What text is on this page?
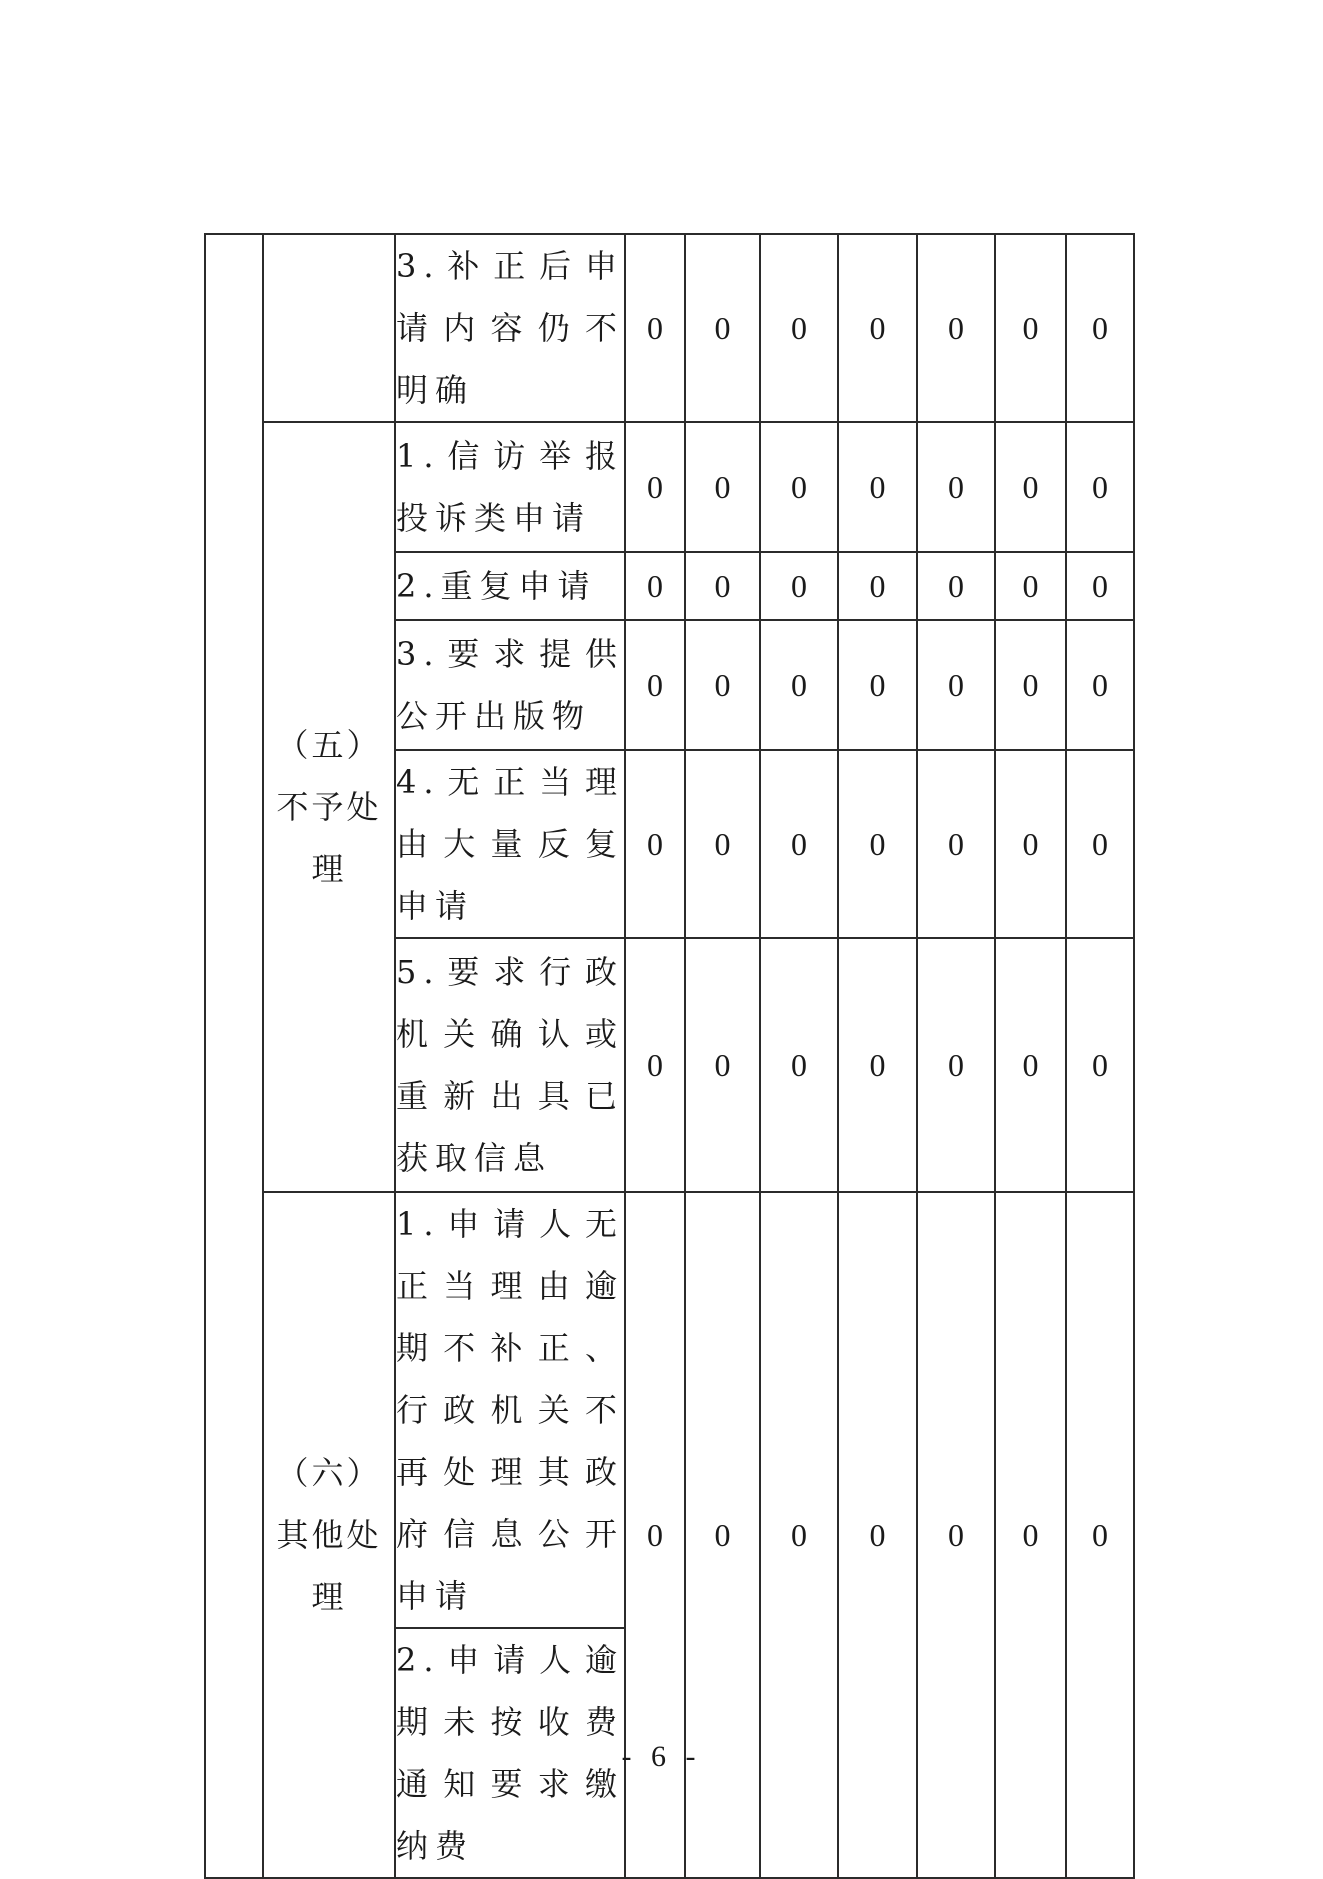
		3.补正后申请内容仍不明确	0	0	0	0	0	0	0
	（五）不予处理	1.信访举报投诉类申请	0	0	0	0	0	0	0
		2.重复申请	0	0	0	0	0	0	0
		3.要求提供公开出版物	0	0	0	0	0	0	0
		4.无正当理由大量反复申请	0	0	0	0	0	0	0
		5.要求行政机关确认或重新出具已获取信息	0	0	0	0	0	0	0
	（六）其他处理	1.申请人无正当理由逾期不补正、行政机关不再处理其政府信息公开申请	0	0	0	0	0	0	0
		2.申请人逾期未按收费通知要求缴纳费							
- 6 -
